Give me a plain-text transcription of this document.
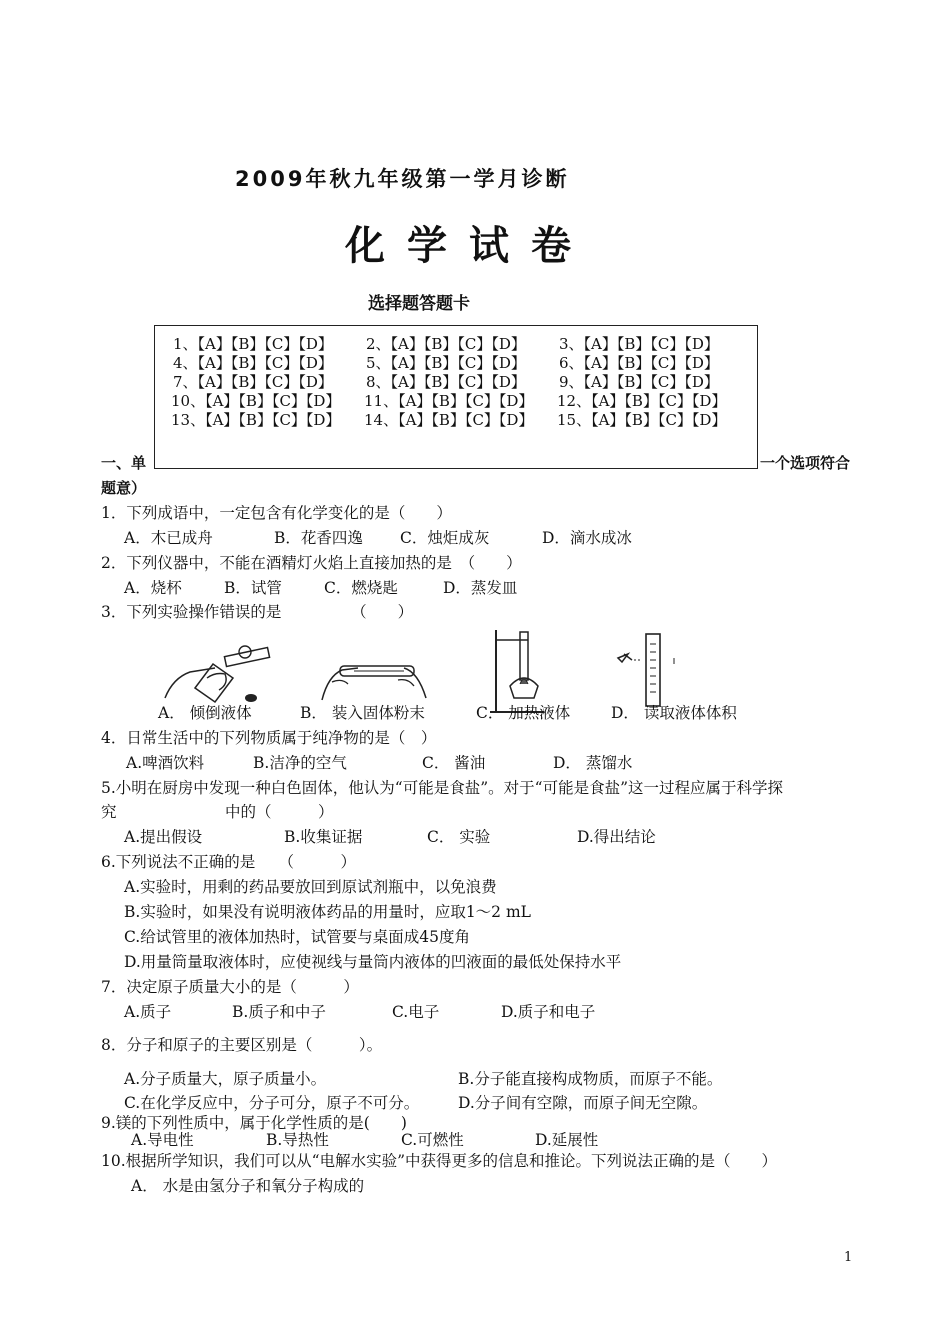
2009年秋九年级第一学月诊断
化学试卷
选择题答题卡
一、单	一个选项符合
题意）
1、【A】【B】【C】【D】 2、【A】【B】【C】【D】 3、【A】【B】【C】【D】
4、【A】【B】【C】【D】 5、【A】【B】【C】【D】 6、【A】【B】【C】【D】
7、【A】【B】【C】【D】 8、【A】【B】【C】【D】 9、【A】【B】【C】【D】
10、【A】【B】【C】【D】 11、【A】【B】【C】【D】 12、【A】【B】【C】【D】
13、【A】【B】【C】【D】 14、【A】【B】【C】【D】 15、【A】【B】【C】【D】
1．下列成语中，一定包含有化学变化的是（　　）
A．木已成舟	B．花香四逸 C．烛炬成灰	D．滴水成冰
2．下列仪器中，不能在酒精灯火焰上直接加热的是　（　　）
A．烧杯	B．试管	C．燃烧匙	D．蒸发皿
3．下列实验操作错误的是　　　　　（　　）
A． 倾倒液体	B． 装入固体粉末	C． 加热液体	D． 读取液体体积
4．日常生活中的下列物质属于纯净物的是（　）
A.啤酒饮料	B.洁净的空气	C． 酱油	D． 蒸馏水
5.小明在厨房中发现一种白色固体，他认为“可能是食盐”。对于“可能是食盐”这一过程应属于科学探
究　　　　　　　中的（　　　）
A.提出假设	B.收集证据	C． 实验	D.得出结论
6.下列说法不正确的是　　（　　　）
A.实验时，用剩的药品要放回到原试剂瓶中，以免浪费
B.实验时，如果没有说明液体药品的用量时，应取1～2 mL
C.给试管里的液体加热时，试管要与桌面成45度角
D.用量筒量取液体时，应使视线与量筒内液体的凹液面的最低处保持水平
7．决定原子质量大小的是（　　　）
A.质子	B.质子和中子	C.电子	D.质子和电子
8．分子和原子的主要区别是（　　　）。
A.分子质量大，原子质量小。	B.分子能直接构成物质，而原子不能。
C.在化学反应中，分子可分，原子不可分。	D.分子间有空隙，而原子间无空隙。
9.镁的下列性质中，属于化学性质的是(　　)
A.导电性	B.导热性	C.可燃性	D.延展性
10.根据所学知识，我们可以从“电解水实验”中获得更多的信息和推论。下列说法正确的是（　　）
A． 水是由氢分子和氧分子构成的
1
